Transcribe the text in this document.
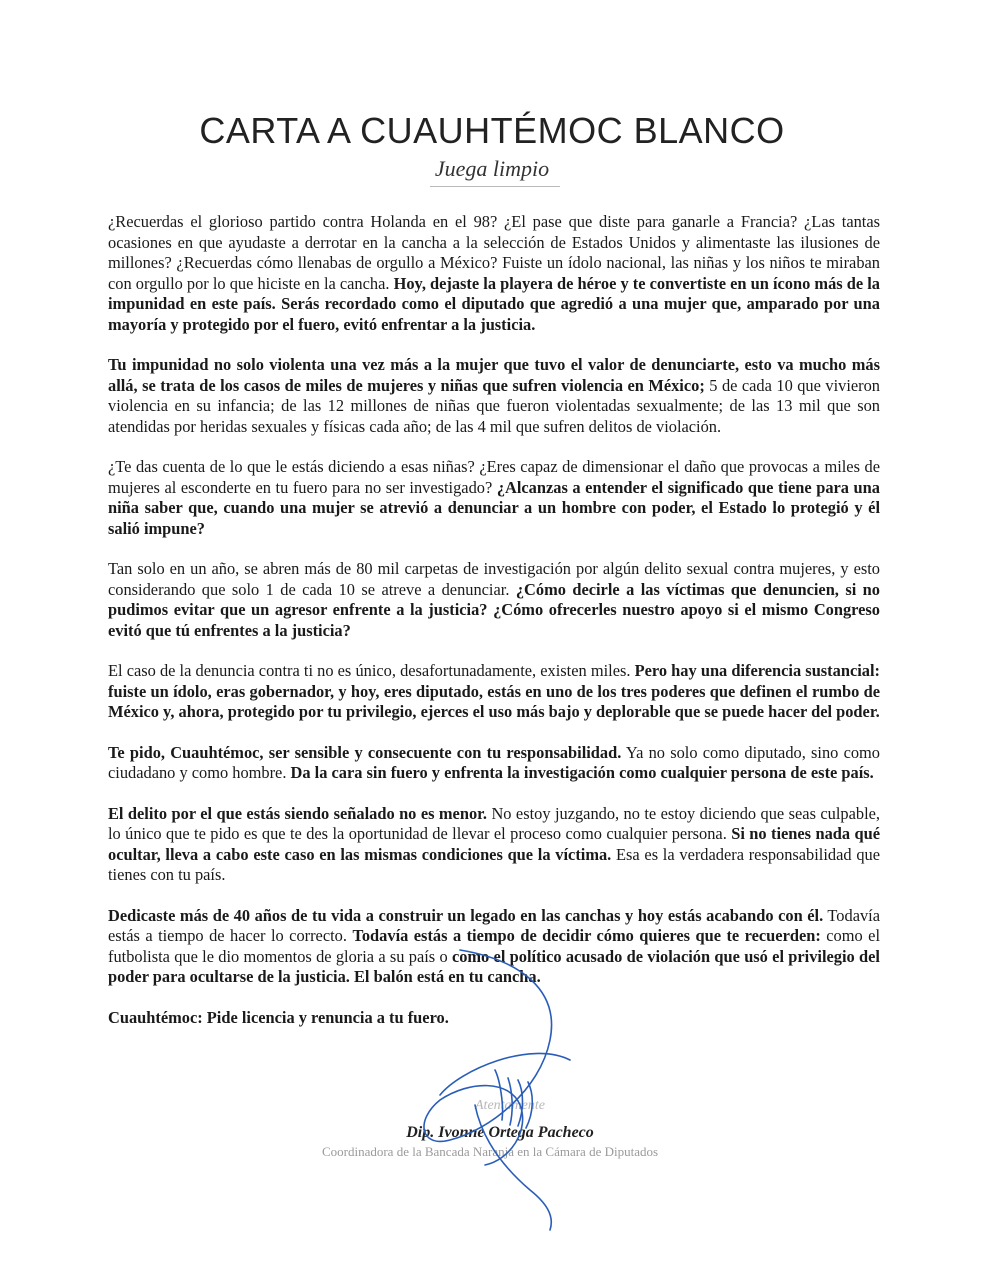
CARTA A CUAUHTÉMOC BLANCO
Juega limpio

¿Recuerdas el glorioso partido contra Holanda en el 98? ¿El pase que diste para ganarle a Francia? ¿Las tantas ocasiones en que ayudaste a derrotar en la cancha a la selección de Estados Unidos y alimentaste las ilusiones de millones? ¿Recuerdas cómo llenabas de orgullo a México? Fuiste un ídolo nacional, las niñas y los niños te miraban con orgullo por lo que hiciste en la cancha. Hoy, dejaste la playera de héroe y te convertiste en un ícono más de la impunidad en este país. Serás recordado como el diputado que agredió a una mujer que, amparado por una mayoría y protegido por el fuero, evitó enfrentar a la justicia.

Tu impunidad no solo violenta una vez más a la mujer que tuvo el valor de denunciarte, esto va mucho más allá, se trata de los casos de miles de mujeres y niñas que sufren violencia en México; 5 de cada 10 que vivieron violencia en su infancia; de las 12 millones de niñas que fueron violentadas sexualmente; de las 13 mil que son atendidas por heridas sexuales y físicas cada año; de las 4 mil que sufren delitos de violación.

¿Te das cuenta de lo que le estás diciendo a esas niñas? ¿Eres capaz de dimensionar el daño que provocas a miles de mujeres al esconderte en tu fuero para no ser investigado? ¿Alcanzas a entender el significado que tiene para una niña saber que, cuando una mujer se atrevió a denunciar a un hombre con poder, el Estado lo protegió y él salió impune?

Tan solo en un año, se abren más de 80 mil carpetas de investigación por algún delito sexual contra mujeres, y esto considerando que solo 1 de cada 10 se atreve a denunciar. ¿Cómo decirle a las víctimas que denuncien, si no pudimos evitar que un agresor enfrente a la justicia? ¿Cómo ofrecerles nuestro apoyo si el mismo Congreso evitó que tú enfrentes a la justicia?

El caso de la denuncia contra ti no es único, desafortunadamente, existen miles. Pero hay una diferencia sustancial: fuiste un ídolo, eras gobernador, y hoy, eres diputado, estás en uno de los tres poderes que definen el rumbo de México y, ahora, protegido por tu privilegio, ejerces el uso más bajo y deplorable que se puede hacer del poder.

Te pido, Cuauhtémoc, ser sensible y consecuente con tu responsabilidad. Ya no solo como diputado, sino como ciudadano y como hombre. Da la cara sin fuero y enfrenta la investigación como cualquier persona de este país.

El delito por el que estás siendo señalado no es menor. No estoy juzgando, no te estoy diciendo que seas culpable, lo único que te pido es que te des la oportunidad de llevar el proceso como cualquier persona. Si no tienes nada qué ocultar, lleva a cabo este caso en las mismas condiciones que la víctima. Esa es la verdadera responsabilidad que tienes con tu país.

Dedicaste más de 40 años de tu vida a construir un legado en las canchas y hoy estás acabando con él. Todavía estás a tiempo de hacer lo correcto. Todavía estás a tiempo de decidir cómo quieres que te recuerden: como el futbolista que le dio momentos de gloria a su país o como el político acusado de violación que usó el privilegio del poder para ocultarse de la justicia. El balón está en tu cancha.

Cuauhtémoc: Pide licencia y renuncia a tu fuero.

Atentamente
Dip. Ivonne Ortega Pacheco
Coordinadora de la Bancada Naranja en la Cámara de Diputados
